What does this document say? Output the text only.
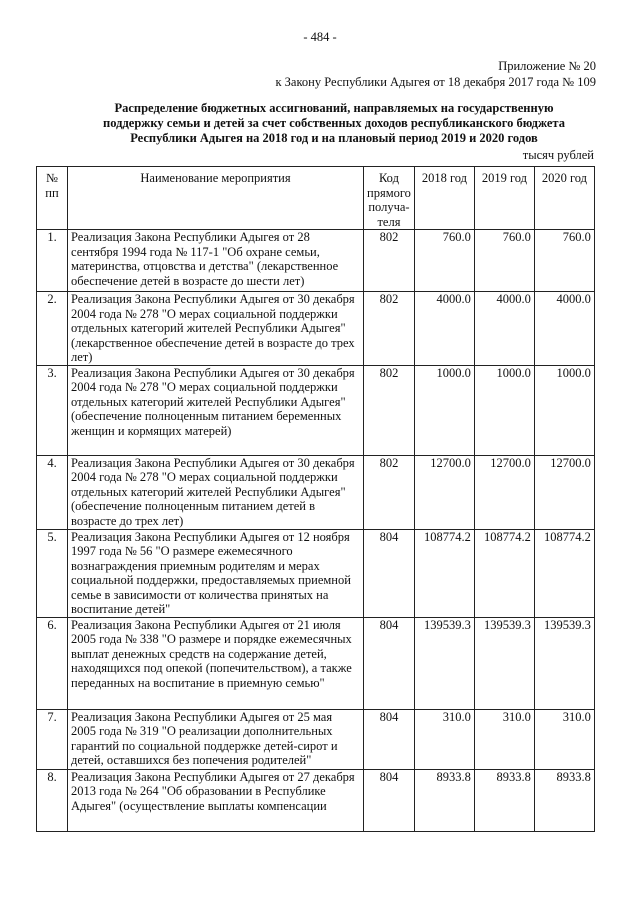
- 484 -
Приложение № 20
к Закону Республики Адыгея от 18 декабря 2017 года № 109
Распределение бюджетных ассигнований, направляемых на государственную
поддержку семьи и детей за счет собственных доходов республиканского бюджета
Республики Адыгея на 2018 год и на плановый период 2019 и 2020 годов
тысяч рублей
№ пп	Наименование мероприятия	Код прямого получа-теля	2018 год	2019 год	2020 год
1.	Реализация Закона Республики Адыгея от 28 сентября 1994 года № 117-1 "Об охране семьи, материнства, отцовства и детства" (лекарственное обеспечение детей в возрасте до шести лет)	802	760.0	760.0	760.0
2.	Реализация Закона Республики Адыгея от 30 декабря 2004 года № 278 "О мерах социальной поддержки отдельных категорий жителей Республики Адыгея" (лекарственное обеспечение детей в возрасте до трех лет)	802	4000.0	4000.0	4000.0
3.	Реализация Закона Республики Адыгея от 30 декабря 2004 года № 278 "О мерах социальной поддержки отдельных категорий жителей Республики Адыгея" (обеспечение полноценным питанием беременных женщин и кормящих матерей)	802	1000.0	1000.0	1000.0
4.	Реализация Закона Республики Адыгея от 30 декабря 2004 года № 278 "О мерах социальной поддержки отдельных категорий жителей Республики Адыгея" (обеспечение полноценным питанием детей в возрасте до трех лет)	802	12700.0	12700.0	12700.0
5.	Реализация Закона Республики Адыгея от 12 ноября 1997 года № 56 "О размере ежемесячного вознаграждения приемным родителям и мерах социальной поддержки, предоставляемых приемной семье в зависимости от количества принятых на воспитание детей"	804	108774.2	108774.2	108774.2
6.	Реализация Закона Республики Адыгея от 21 июля 2005 года № 338 "О размере и порядке ежемесячных выплат денежных средств на содержание детей, находящихся под опекой (попечительством), а также переданных на воспитание в приемную семью"	804	139539.3	139539.3	139539.3
7.	Реализация Закона Республики Адыгея от 25 мая 2005 года № 319 "О реализации дополнительных гарантий по социальной поддержке детей-сирот и детей, оставшихся без попечения родителей"	804	310.0	310.0	310.0
8.	Реализация Закона Республики Адыгея от 27 декабря 2013 года № 264 "Об образовании в Республике Адыгея" (осуществление выплаты компенсации	804	8933.8	8933.8	8933.8
